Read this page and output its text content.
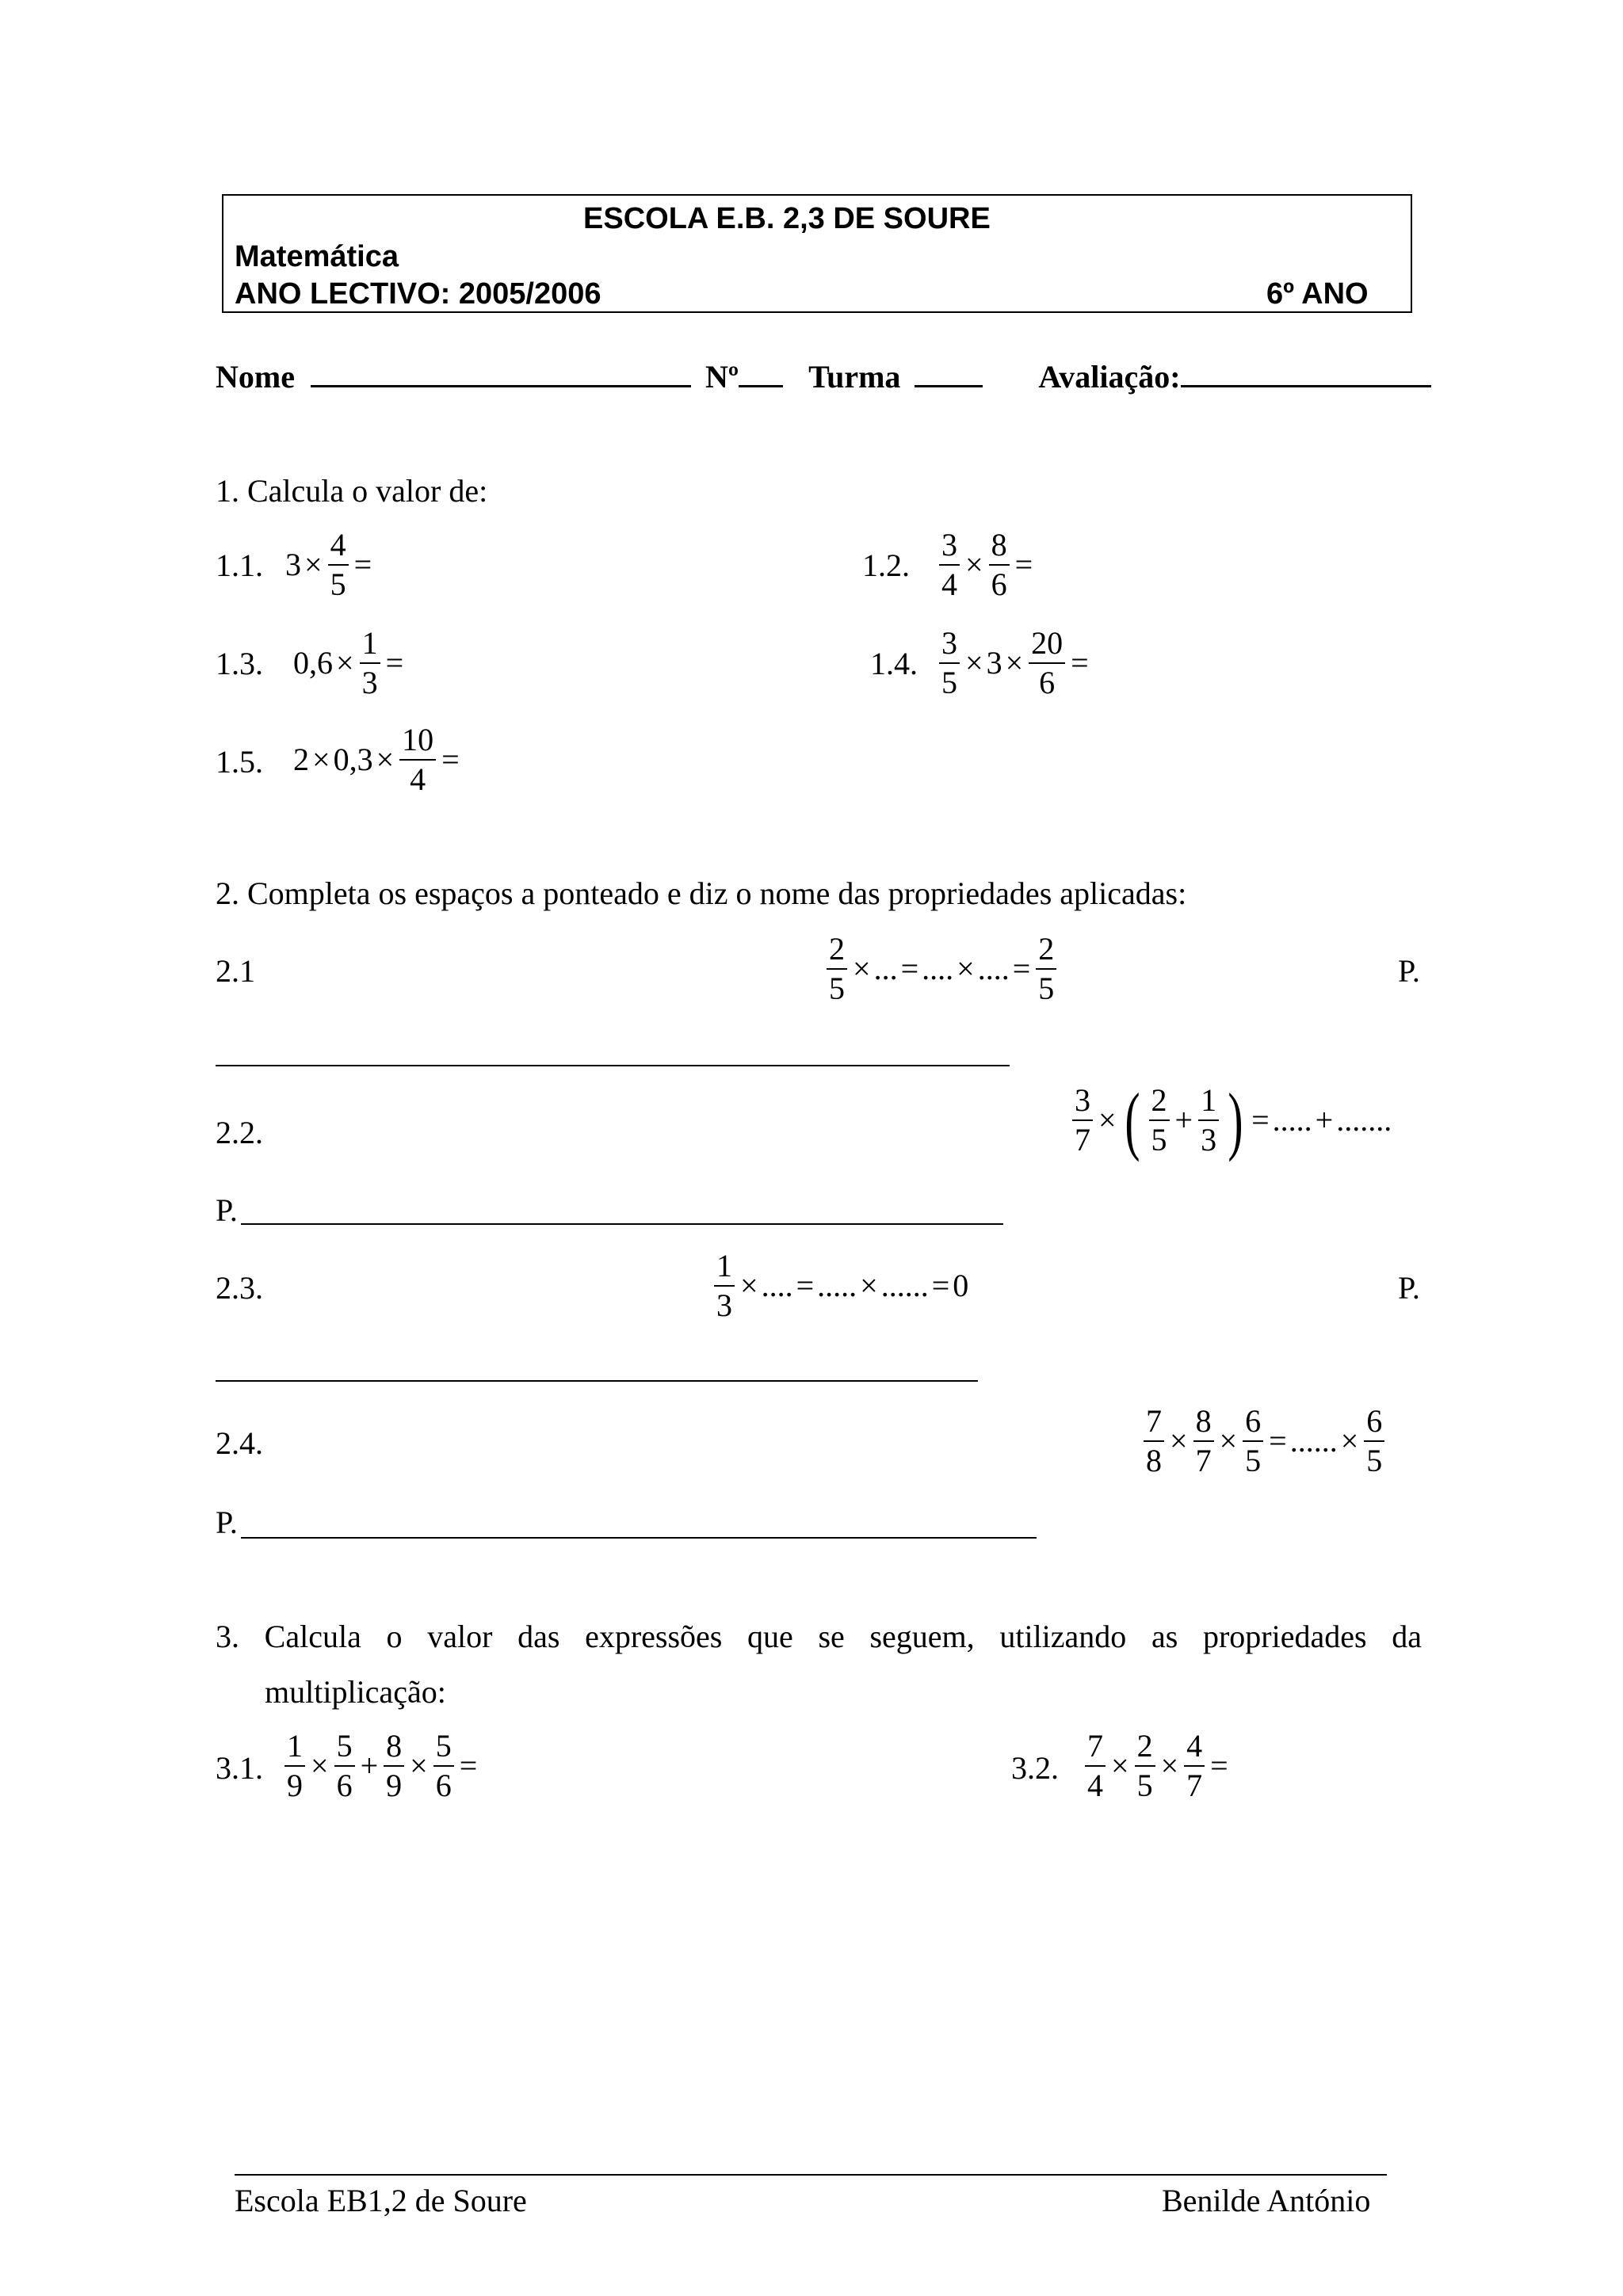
ESCOLA E.B. 2,3 DE SOURE
Matemática
ANO LECTIVO: 2005/2006	6º ANO
Nome	Nº Turma	Avaliação:
1. Calcula o valor de:
1.1. $3 \times \frac{4}{5}$ =	1.2. $\frac{3}{4} \times \frac{8}{6}$ =
1.3. $0,6 \times \frac{1}{3}$ =	1.4. $\frac{3}{5} \times 3 \times \frac{20}{6}$ =
1.5. $2 \times 0,3 \times \frac{10}{4}$ =
2. Completa os espaços a ponteado e diz o nome das propriedades aplicadas:
2.1	$\frac{2}{5}$ × ... = .... × .... = $\frac{2}{5}$	P.
2.2.	$\frac{3}{7}$ × ( $\frac{2}{5} + \frac{1}{3}$ ) = ..... + .......
P.
2.3.	$\frac{1}{3}$ × .... = ..... × ...... = 0	P.
2.4.	$\frac{7}{8} \times \frac{8}{7} \times \frac{6}{5}$ = ...... × $\frac{6}{5}$
P.
3. Calcula o valor das expressões que se seguem, utilizando as propriedades da
multiplicação:
3.1. $\frac{1}{9} \times \frac{5}{6} + \frac{8}{9} \times \frac{5}{6}$ =	3.2. $\frac{7}{4} \times \frac{2}{5} \times \frac{4}{7}$ =
Escola EB1,2 de Soure	Benilde António
